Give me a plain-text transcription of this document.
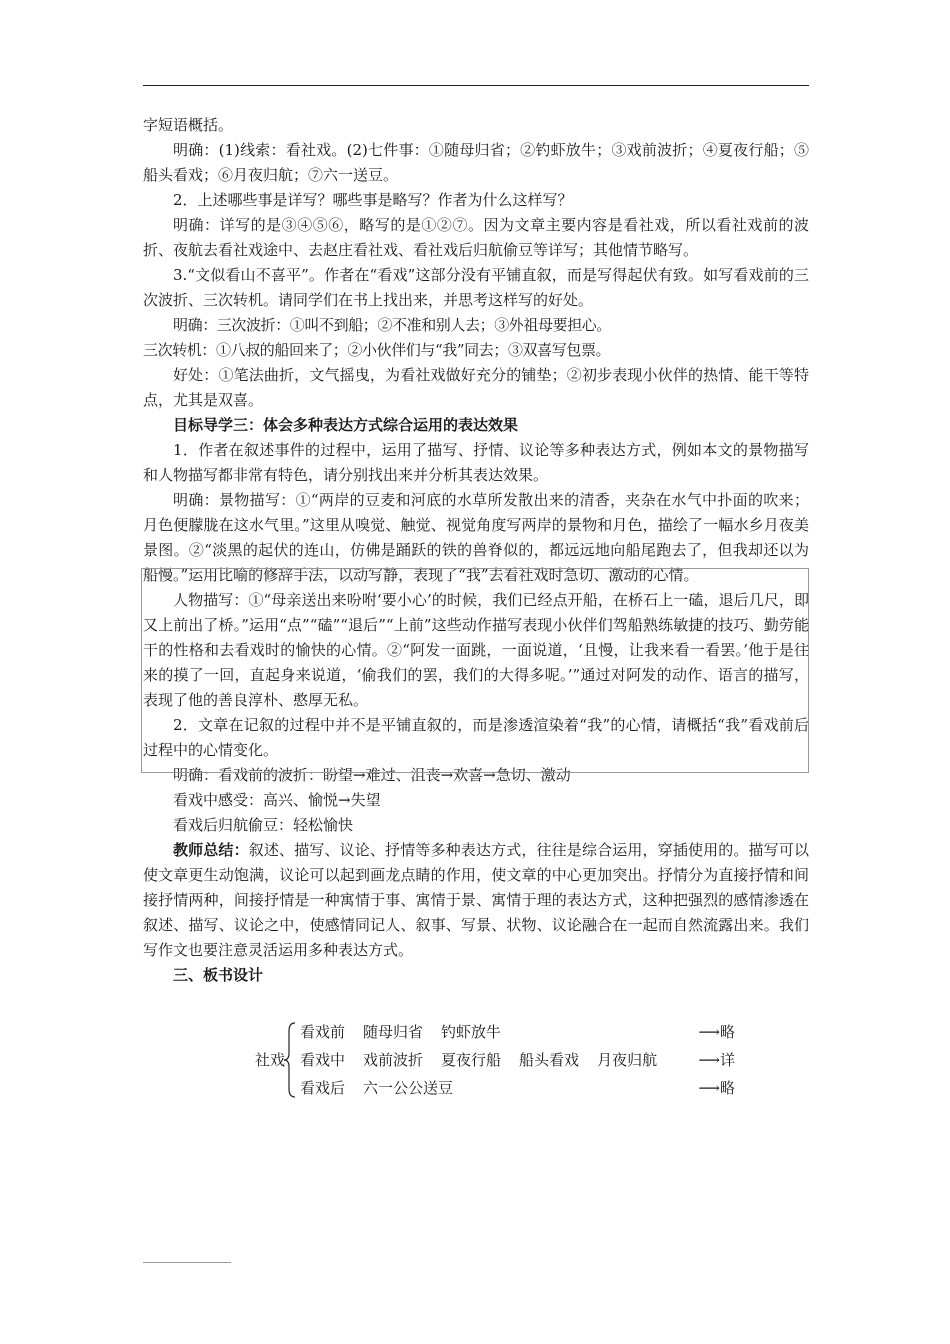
字短语概括。

明确：(1)线索：看社戏。(2)七件事：①随母归省；②钓虾放牛；③戏前波折；④夏夜行船；⑤船头看戏；⑥月夜归航；⑦六一送豆。

2．上述哪些事是详写？哪些事是略写？作者为什么这样写？

明确：详写的是③④⑤⑥，略写的是①②⑦。因为文章主要内容是看社戏，所以看社戏前的波折、夜航去看社戏途中、去赵庄看社戏、看社戏后归航偷豆等详写；其他情节略写。

3.“文似看山不喜平”。作者在“看戏”这部分没有平铺直叙，而是写得起伏有致。如写看戏前的三次波折、三次转机。请同学们在书上找出来，并思考这样写的好处。

明确：三次波折：①叫不到船；②不准和别人去；③外祖母要担心。

三次转机：①八叔的船回来了；②小伙伴们与“我”同去；③双喜写包票。

好处：①笔法曲折，文气摇曳，为看社戏做好充分的铺垫；②初步表现小伙伴的热情、能干等特点，尤其是双喜。

目标导学三：体会多种表达方式综合运用的表达效果

1．作者在叙述事件的过程中，运用了描写、抒情、议论等多种表达方式，例如本文的景物描写和人物描写都非常有特色，请分别找出来并分析其表达效果。

明确：景物描写：①“两岸的豆麦和河底的水草所发散出来的清香，夹杂在水气中扑面的吹来；月色便朦胧在这水气里。”这里从嗅觉、触觉、视觉角度写两岸的景物和月色，描绘了一幅水乡月夜美景图。②“淡黑的起伏的连山，仿佛是踊跃的铁的兽脊似的，都远远地向船尾跑去了，但我却还以为船慢。”运用比喻的修辞手法，以动写静，表现了“我”去看社戏时急切、激动的心情。

人物描写：①“母亲送出来吩咐‘要小心’的时候，我们已经点开船，在桥石上一磕，退后几尺，即又上前出了桥。”运用“点”“磕”“退后”“上前”这些动作描写表现小伙伴们驾船熟练敏捷的技巧、勤劳能干的性格和去看戏时的愉快的心情。②“阿发一面跳，一面说道，‘且慢，让我来看一看罢。’他于是往来的摸了一回，直起身来说道，‘偷我们的罢，我们的大得多呢。’”通过对阿发的动作、语言的描写，表现了他的善良淳朴、憨厚无私。

2．文章在记叙的过程中并不是平铺直叙的，而是渗透渲染着“我”的心情，请概括“我”看戏前后过程中的心情变化。

明确：看戏前的波折：盼望→难过、沮丧→欢喜→急切、激动

看戏中感受：高兴、愉悦→失望

看戏后归航偷豆：轻松愉快

教师总结：叙述、描写、议论、抒情等多种表达方式，往往是综合运用，穿插使用的。描写可以使文章更生动饱满，议论可以起到画龙点睛的作用，使文章的中心更加突出。抒情分为直接抒情和间接抒情两种，间接抒情是一种寓情于事、寓情于景、寓情于理的表达方式，这种把强烈的感情渗透在叙述、描写、议论之中，使感情同记人、叙事、写景、状物、议论融合在一起而自然流露出来。我们写作文也要注意灵活运用多种表达方式。

三、板书设计

社戏
看戏前 随母归省 钓虾放牛	⟶略
看戏中 戏前波折 夏夜行船 船头看戏 月夜归航	⟶详
看戏后 六一公公送豆	⟶略
